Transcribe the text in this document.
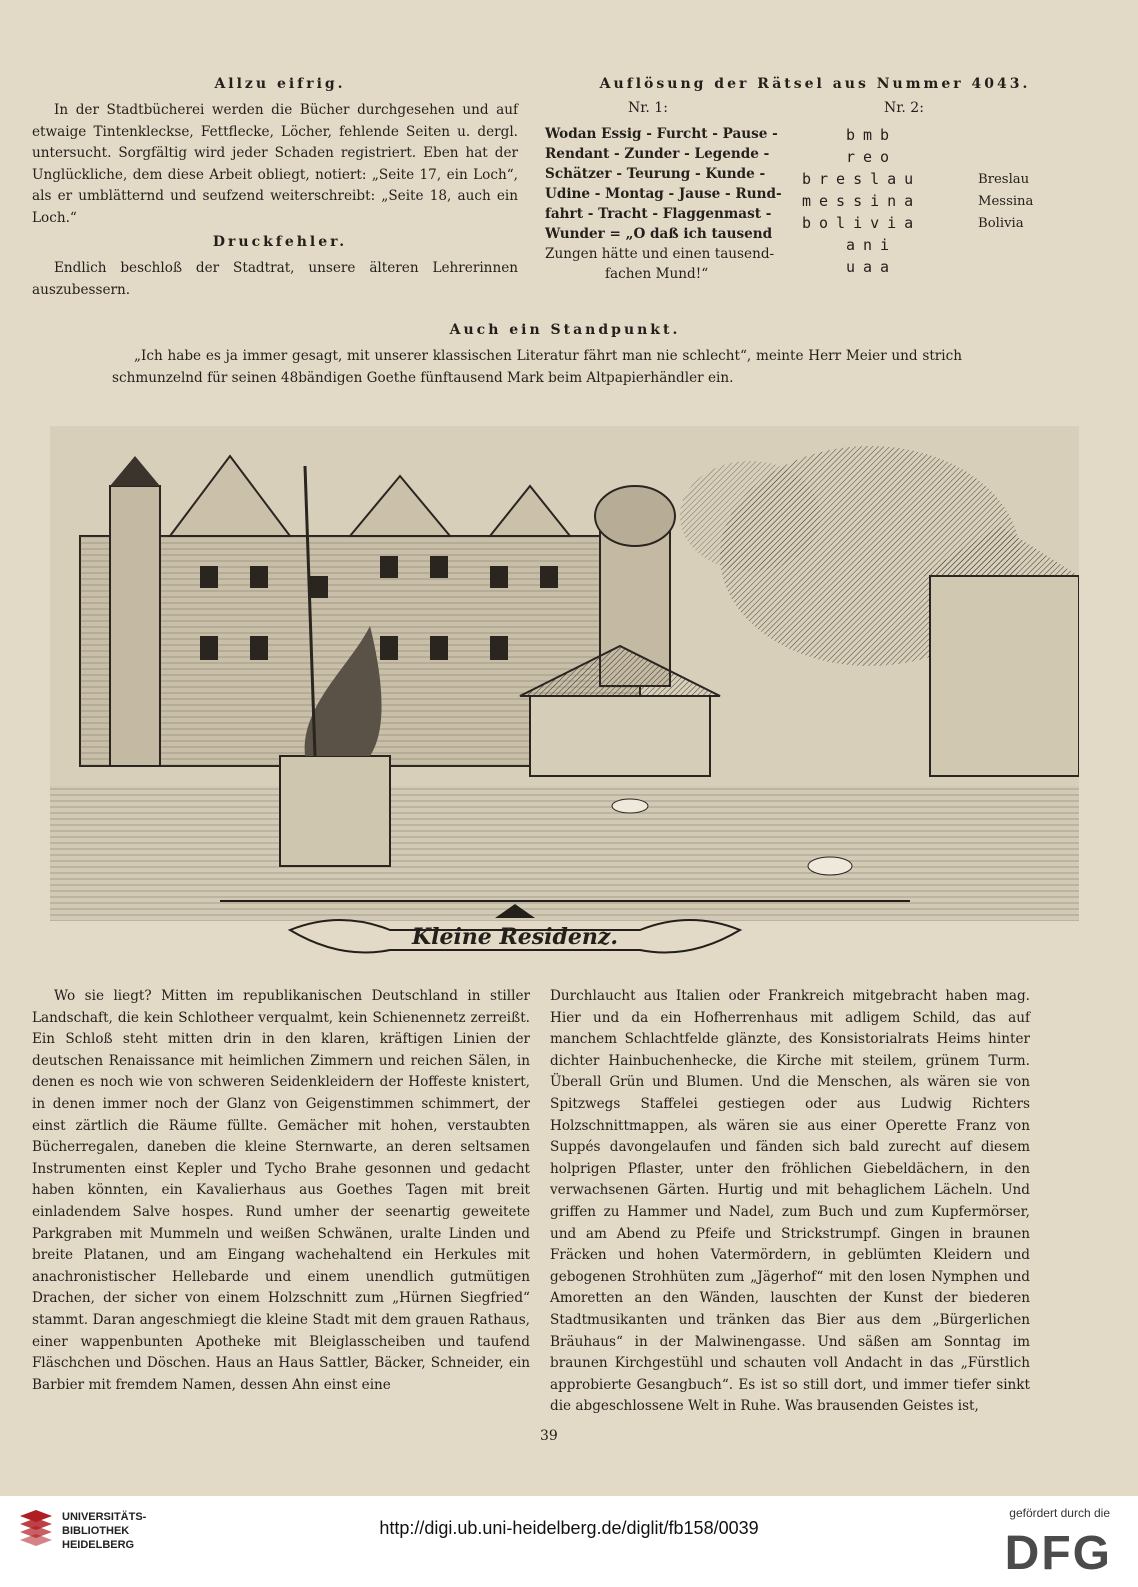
Allzu eifrig.
In der Stadtbücherei werden die Bücher durchgesehen und auf etwaige Tintenkleckse, Fettflecke, Löcher, fehlende Seiten u. dergl. untersucht. Sorgfältig wird jeder Schaden registriert. Eben hat der Unglückliche, dem diese Arbeit obliegt, notiert: „Seite 17, ein Loch“, als er umblätternd und seufzend weiterschreibt: „Seite 18, auch ein Loch.“
Druckfehler.
Endlich beschloß der Stadtrat, unsere älteren Lehrerinnen auszubessern.
Auflösung der Rätsel aus Nummer 4043.
Nr. 1:	Nr. 2:
Wodan Essig - Furcht - Pause -
Rendant - Zunder - Legende -
Schätzer - Teurung - Kunde -
Udine - Montag - Jause - Rund-
fahrt - Tracht - Flaggenmast -
Wunder = „O daß ich tausend
Zungen hätte und einen tausend-
fachen Mund!“
bmb
reo
breslau
messina
bolivia
ani
uaa
Breslau
Messina
Bolivia
Auch ein Standpunkt.
„Ich habe es ja immer gesagt, mit unserer klassischen Literatur fährt man nie schlecht“, meinte Herr Meier und strich schmunzelnd für seinen 48bändigen Goethe fünftausend Mark beim Altpapierhändler ein.
Kleine Residenz.
Wo sie liegt? Mitten im republikanischen Deutschland in stiller Landschaft, die kein Schlotheer verqualmt, kein Schienennetz zerreißt. Ein Schloß steht mitten drin in den klaren, kräftigen Linien der deutschen Renaissance mit heimlichen Zimmern und reichen Sälen, in denen es noch wie von schweren Seidenkleidern der Hoffeste knistert, in denen immer noch der Glanz von Geigenstimmen schimmert, der einst zärtlich die Räume füllte. Gemächer mit hohen, verstaubten Bücherregalen, daneben die kleine Sternwarte, an deren seltsamen Instrumenten einst Kepler und Tycho Brahe gesonnen und gedacht haben könnten, ein Kavalierhaus aus Goethes Tagen mit breit einladendem Salve hospes. Rund umher der seenartig geweitete Parkgraben mit Mummeln und weißen Schwänen, uralte Linden und breite Platanen, und am Eingang wachehaltend ein Herkules mit anachronistischer Hellebarde und einem unendlich gutmütigen Drachen, der sicher von einem Holzschnitt zum „Hürnen Siegfried“ stammt. Daran angeschmiegt die kleine Stadt mit dem grauen Rathaus, einer wappenbunten Apotheke mit Bleiglasscheiben und taufend Fläschchen und Döschen. Haus an Haus Sattler, Bäcker, Schneider, ein Barbier mit fremdem Namen, dessen Ahn einst eine
Durchlaucht aus Italien oder Frankreich mitgebracht haben mag. Hier und da ein Hofherrenhaus mit adligem Schild, das auf manchem Schlachtfelde glänzte, des Konsistorialrats Heims hinter dichter Hainbuchenhecke, die Kirche mit steilem, grünem Turm. Überall Grün und Blumen. Und die Menschen, als wären sie von Spitzwegs Staffelei gestiegen oder aus Ludwig Richters Holzschnittmappen, als wären sie aus einer Operette Franz von Suppés davongelaufen und fänden sich bald zurecht auf diesem holprigen Pflaster, unter den fröhlichen Giebeldächern, in den verwachsenen Gärten. Hurtig und mit behaglichem Lächeln. Und griffen zu Hammer und Nadel, zum Buch und zum Kupfermörser, und am Abend zu Pfeife und Strickstrumpf. Gingen in braunen Fräcken und hohen Vatermördern, in geblümten Kleidern und gebogenen Strohhüten zum „Jägerhof“ mit den losen Nymphen und Amoretten an den Wänden, lauschten der Kunst der biederen Stadtmusikanten und tränken das Bier aus dem „Bürgerlichen Bräuhaus“ in der Malwinengasse. Und säßen am Sonntag im braunen Kirchgestühl und schauten voll Andacht in das „Fürstlich approbierte Gesangbuch“. Es ist so still dort, und immer tiefer sinkt die abgeschlossene Welt in Ruhe. Was brausenden Geistes ist,
39
UNIVERSITÄTS-
BIBLIOTHEK
HEIDELBERG
http://digi.ub.uni-heidelberg.de/diglit/fb158/0039
gefördert durch die
DFG
